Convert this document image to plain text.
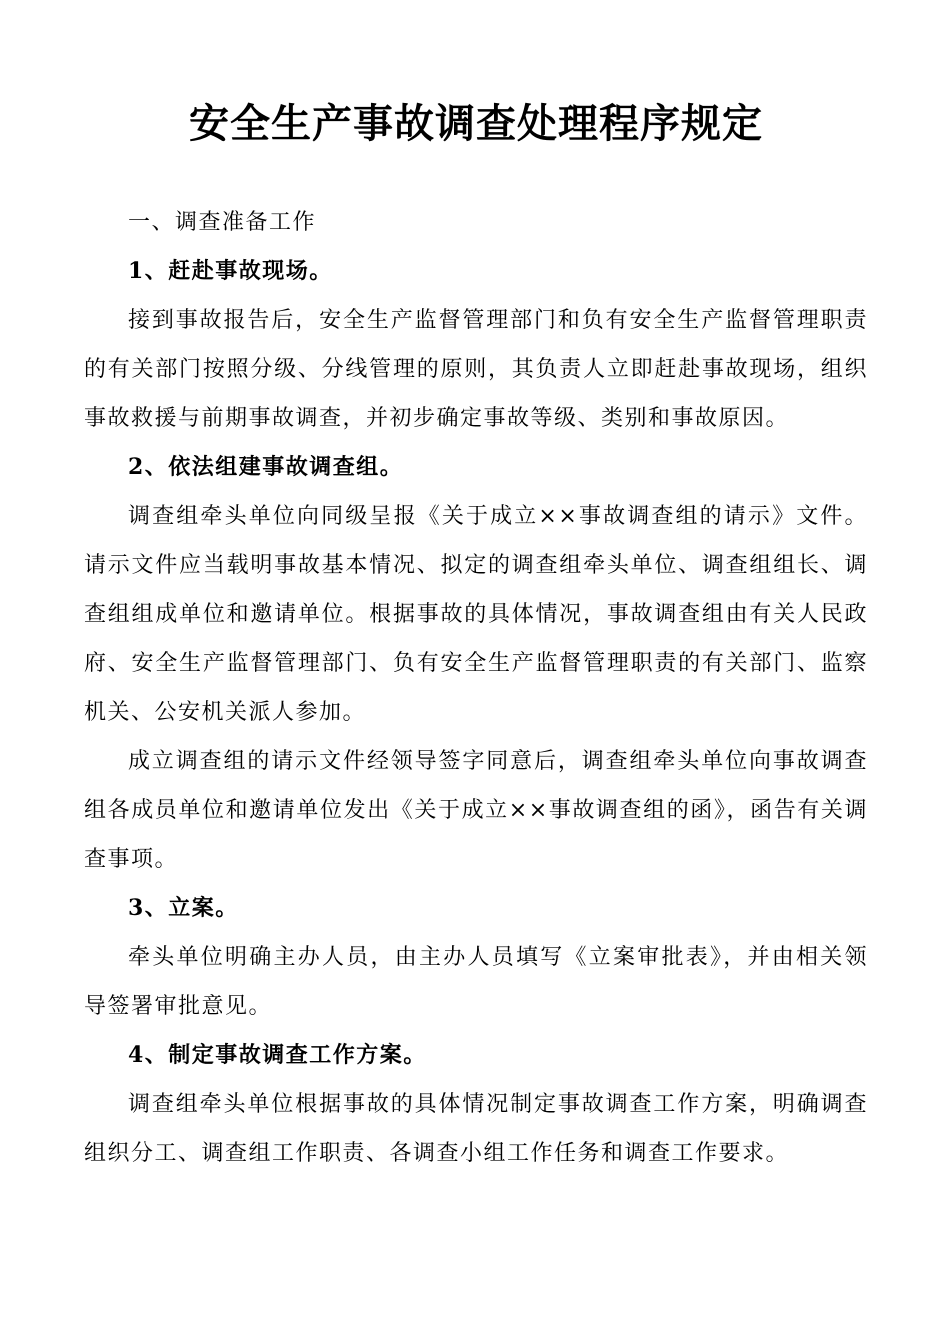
安全生产事故调查处理程序规定

一、调查准备工作

1、赶赴事故现场。

接到事故报告后，安全生产监督管理部门和负有安全生产监督管理职责的有关部门按照分级、分线管理的原则，其负责人立即赶赴事故现场，组织事故救援与前期事故调查，并初步确定事故等级、类别和事故原因。

2、依法组建事故调查组。

调查组牵头单位向同级呈报《关于成立××事故调查组的请示》文件。请示文件应当载明事故基本情况、拟定的调查组牵头单位、调查组组长、调查组组成单位和邀请单位。根据事故的具体情况，事故调查组由有关人民政府、安全生产监督管理部门、负有安全生产监督管理职责的有关部门、监察机关、公安机关派人参加。

成立调查组的请示文件经领导签字同意后，调查组牵头单位向事故调查组各成员单位和邀请单位发出《关于成立××事故调查组的函》，函告有关调查事项。

3、立案。

牵头单位明确主办人员，由主办人员填写《立案审批表》，并由相关领导签署审批意见。

4、制定事故调查工作方案。

调查组牵头单位根据事故的具体情况制定事故调查工作方案，明确调查组织分工、调查组工作职责、各调查小组工作任务和调查工作要求。
